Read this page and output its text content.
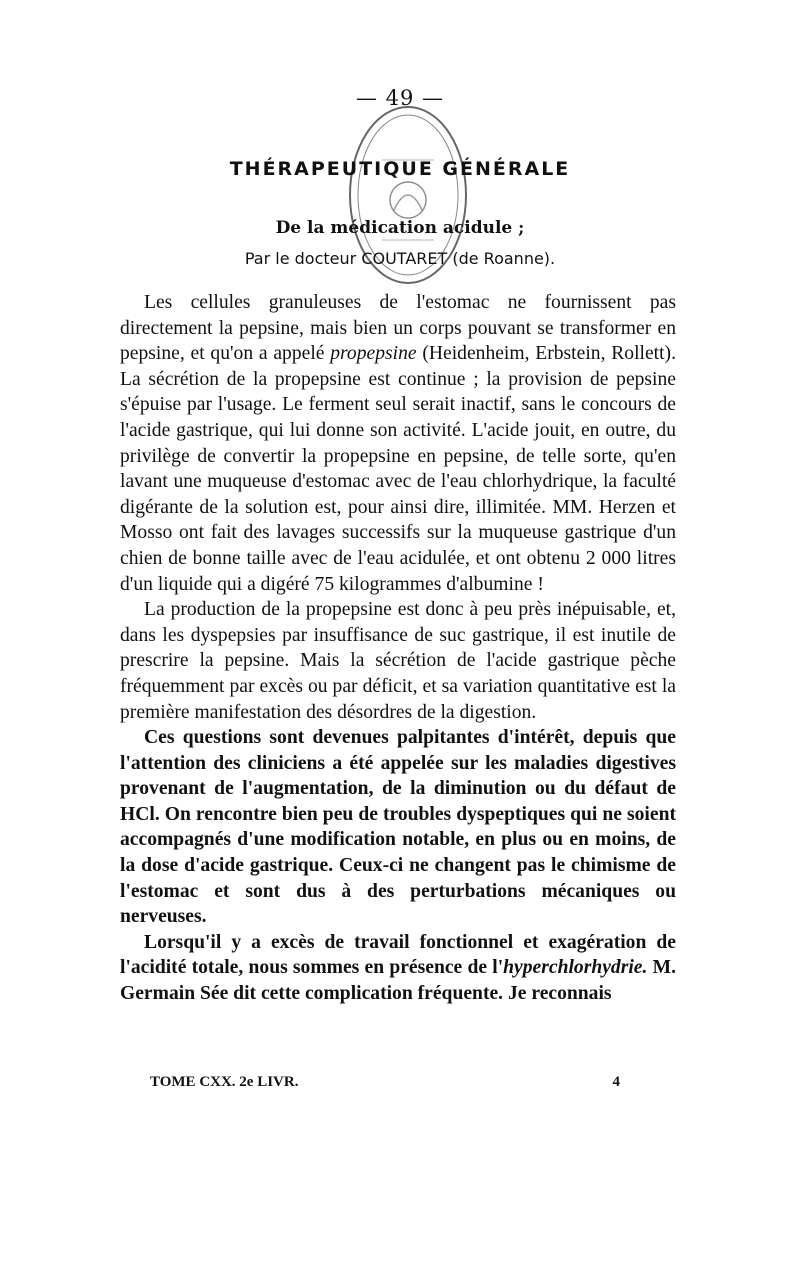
— 49 —
THÉRAPEUTIQUE GÉNÉRALE
De la médication acidule ;
Par le docteur COUTARET (de Roanne).

Les cellules granuleuses de l'estomac ne fournissent pas directement la pepsine, mais bien un corps pouvant se transformer en pepsine, et qu'on a appelé propepsine (Heidenheim, Erbstein, Rollett). La sécrétion de la propepsine est continue ; la provision de pepsine s'épuise par l'usage. Le ferment seul serait inactif, sans le concours de l'acide gastrique, qui lui donne son activité. L'acide jouit, en outre, du privilège de convertir la propepsine en pepsine, de telle sorte, qu'en lavant une muqueuse d'estomac avec de l'eau chlorhydrique, la faculté digérante de la solution est, pour ainsi dire, illimitée. MM. Herzen et Mosso ont fait des lavages successifs sur la muqueuse gastrique d'un chien de bonne taille avec de l'eau acidulée, et ont obtenu 2 000 litres d'un liquide qui a digéré 75 kilogrammes d'albumine !

La production de la propepsine est donc à peu près inépuisable, et, dans les dyspepsies par insuffisance de suc gastrique, il est inutile de prescrire la pepsine. Mais la sécrétion de l'acide gastrique pèche fréquemment par excès ou par déficit, et sa variation quantitative est la première manifestation des désordres de la digestion.

Ces questions sont devenues palpitantes d'intérêt, depuis que l'attention des cliniciens a été appelée sur les maladies digestives provenant de l'augmentation, de la diminution ou du défaut de HCl. On rencontre bien peu de troubles dyspeptiques qui ne soient accompagnés d'une modification notable, en plus ou en moins, de la dose d'acide gastrique. Ceux-ci ne changent pas le chimisme de l'estomac et sont dus à des perturbations mécaniques ou nerveuses.

Lorsqu'il y a excès de travail fonctionnel et exagération de l'acidité totale, nous sommes en présence de l'hyperchlorhydrie. M. Germain Sée dit cette complication fréquente. Je reconnais

TOME CXX. 2e LIVR.	4
